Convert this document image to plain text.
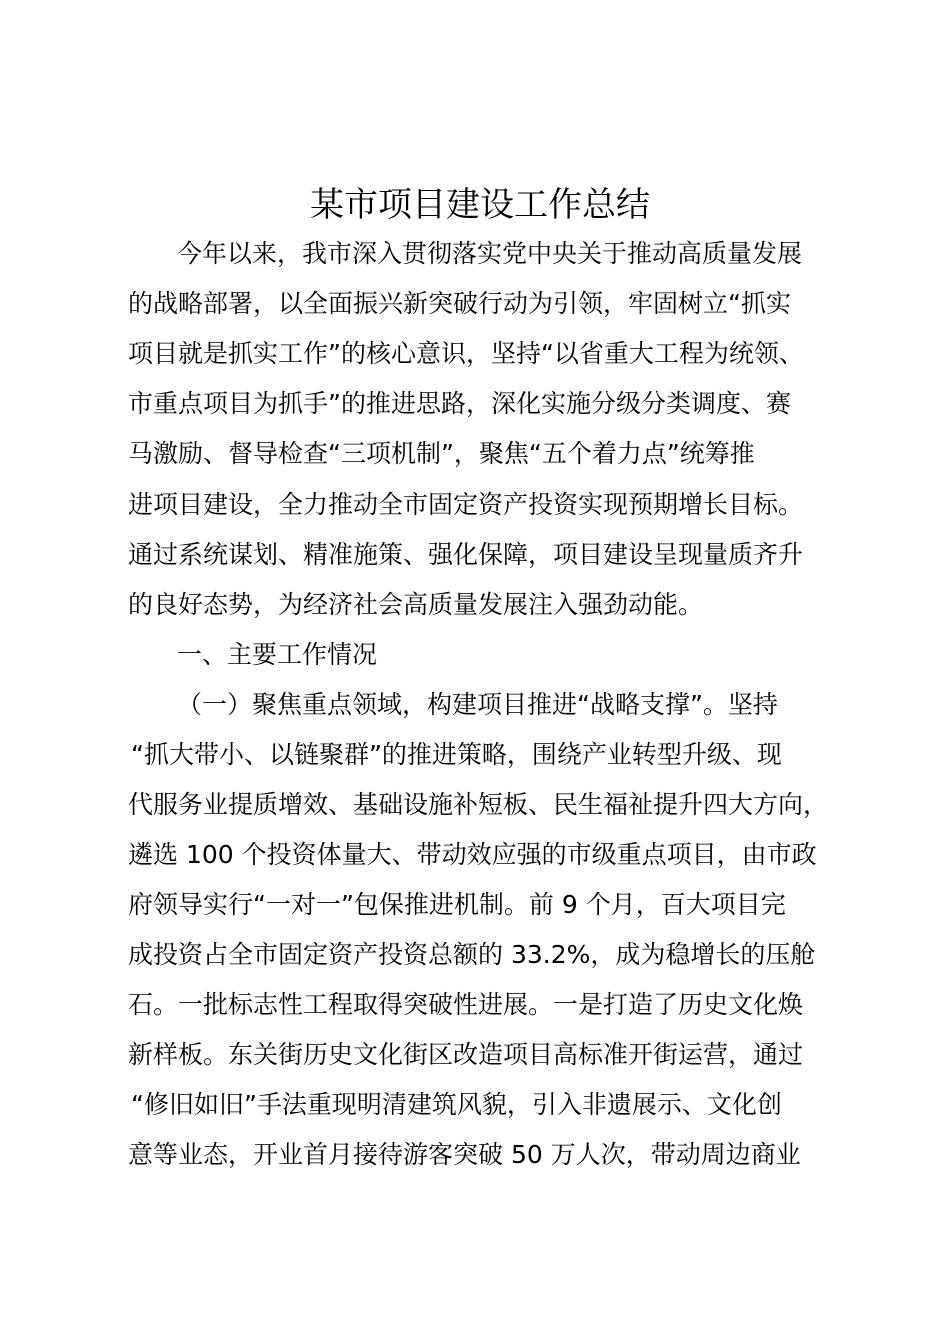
某市项目建设工作总结

今年以来，我市深入贯彻落实党中央关于推动高质量发展

的战略部署，以全面振兴新突破行动为引领，牢固树立“抓实

项目就是抓实工作”的核心意识，坚持“以省重大工程为统领、

市重点项目为抓手”的推进思路，深化实施分级分类调度、赛

马激励、督导检查“三项机制”，聚焦“五个着力点”统筹推

进项目建设，全力推动全市固定资产投资实现预期增长目标。

通过系统谋划、精准施策、强化保障，项目建设呈现量质齐升

的良好态势，为经济社会高质量发展注入强劲动能。

一、主要工作情况

（一）聚焦重点领域，构建项目推进“战略支撑”。坚持

“抓大带小、以链聚群”的推进策略，围绕产业转型升级、现

代服务业提质增效、基础设施补短板、民生福祉提升四大方向，

遴选 100 个投资体量大、带动效应强的市级重点项目，由市政

府领导实行“一对一”包保推进机制。前 9 个月，百大项目完

成投资占全市固定资产投资总额的 33.2%，成为稳增长的压舱

石。一批标志性工程取得突破性进展。一是打造了历史文化焕

新样板。东关街历史文化街区改造项目高标准开街运营，通过

“修旧如旧”手法重现明清建筑风貌，引入非遗展示、文化创

意等业态，开业首月接待游客突破 50 万人次，带动周边商业
